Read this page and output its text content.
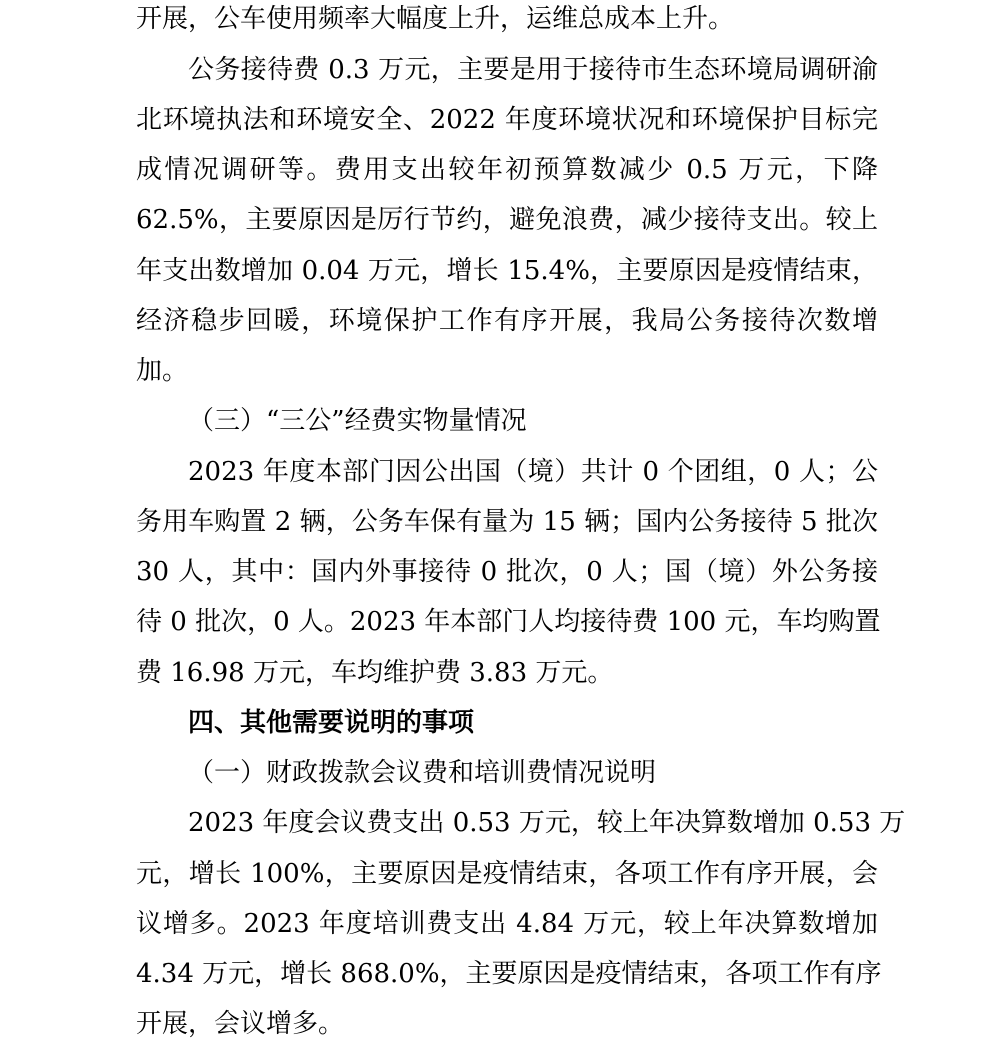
开展，公车使用频率大幅度上升，运维总成本上升。
公务接待费 0.3 万元，主要是用于接待市生态环境局调研渝
北环境执法和环境安全、2022 年度环境状况和环境保护目标完
成情况调研等。费用支出较年初预算数减少 0.5 万元，下降
62.5%，主要原因是厉行节约，避免浪费，减少接待支出。较上
年支出数增加 0.04 万元，增长 15.4%，主要原因是疫情结束，
经济稳步回暖，环境保护工作有序开展，我局公务接待次数增
加。
（三）“三公”经费实物量情况
2023 年度本部门因公出国（境）共计 0 个团组，0 人；公
务用车购置 2 辆，公务车保有量为 15 辆；国内公务接待 5 批次
30 人，其中：国内外事接待 0 批次，0 人；国（境）外公务接
待 0 批次，0 人。2023 年本部门人均接待费 100 元，车均购置
费 16.98 万元，车均维护费 3.83 万元。
四、其他需要说明的事项
（一）财政拨款会议费和培训费情况说明
2023 年度会议费支出 0.53 万元，较上年决算数增加 0.53 万
元，增长 100%，主要原因是疫情结束，各项工作有序开展，会
议增多。2023 年度培训费支出 4.84 万元，较上年决算数增加
4.34 万元，增长 868.0%，主要原因是疫情结束，各项工作有序
开展，会议增多。
